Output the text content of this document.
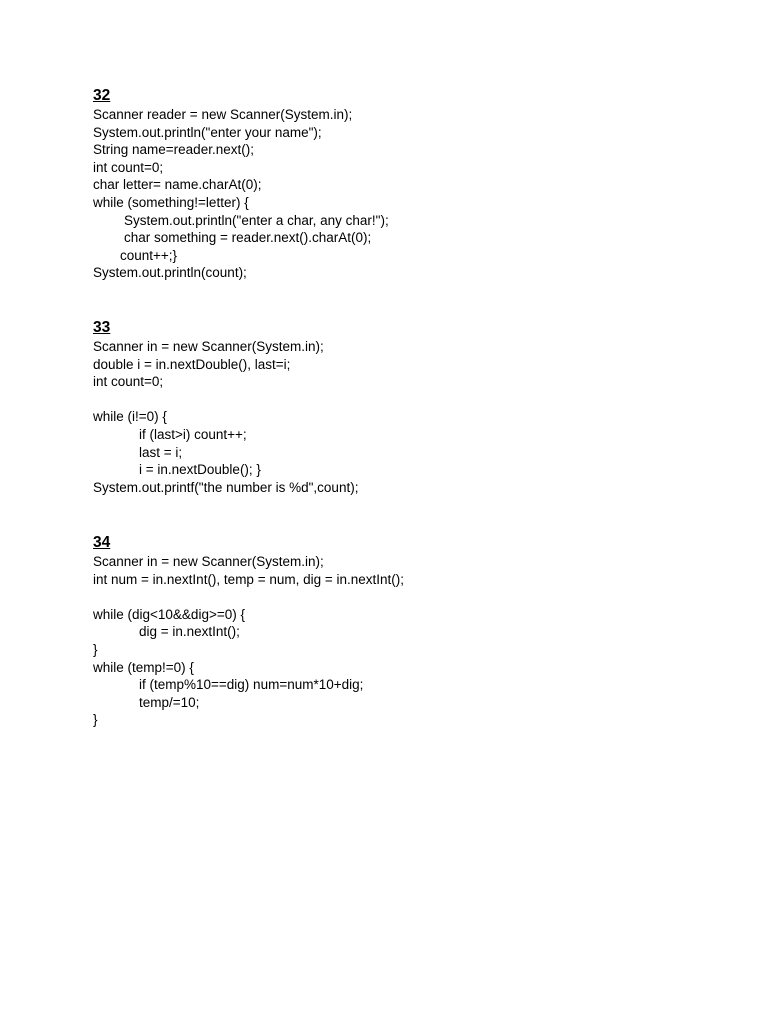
32
Scanner reader = new Scanner(System.in);
System.out.println("enter your name");
String name=reader.next();
int count=0;
char letter= name.charAt(0);
while (something!=letter) {
System.out.println("enter a char, any char!");
char something = reader.next().charAt(0);
count++;}
System.out.println(count);
33
Scanner in = new Scanner(System.in);
double i = in.nextDouble(), last=i;
int count=0;
while (i!=0) {
if (last>i) count++;
last = i;
i = in.nextDouble(); }
System.out.printf("the number is %d",count);
34
Scanner in = new Scanner(System.in);
int num = in.nextInt(), temp = num, dig = in.nextInt();
while (dig<10&&dig>=0) {
dig = in.nextInt();
}
while (temp!=0) {
if (temp%10==dig) num=num*10+dig;
temp/=10;
}
